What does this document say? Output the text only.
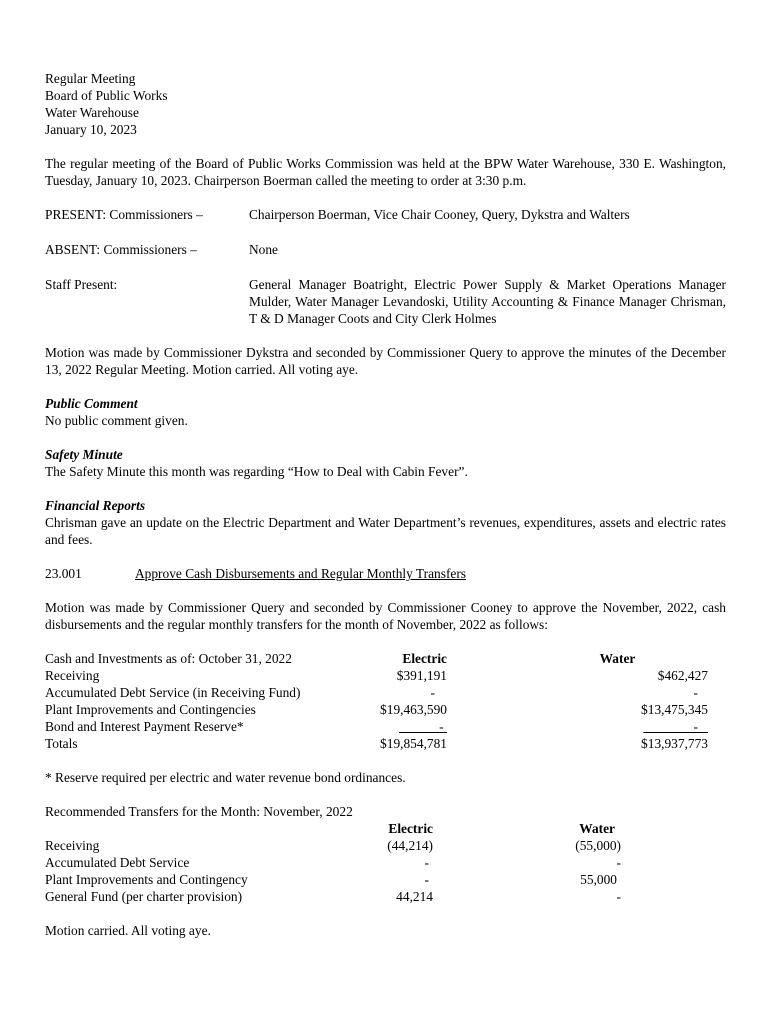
Regular Meeting

Board of Public Works

Water Warehouse

January 10, 2023

The regular meeting of the Board of Public Works Commission was held at the BPW Water Warehouse, 330 E. Washington, Tuesday, January 10, 2023. Chairperson Boerman called the meeting to order at 3:30 p.m.

PRESENT: Commissioners –	Chairperson Boerman, Vice Chair Cooney, Query, Dykstra and Walters
ABSENT: Commissioners –	None
Staff Present:	General Manager Boatright, Electric Power Supply & Market Operations Manager Mulder, Water Manager Levandoski, Utility Accounting & Finance Manager Chrisman, T & D Manager Coots and City Clerk Holmes

Motion was made by Commissioner Dykstra and seconded by Commissioner Query to approve the minutes of the December 13, 2022 Regular Meeting. Motion carried. All voting aye.

Public Comment

No public comment given.

Safety Minute

The Safety Minute this month was regarding “How to Deal with Cabin Fever”.

Financial Reports

Chrisman gave an update on the Electric Department and Water Department’s revenues, expenditures, assets and electric rates and fees.

23.001	Approve Cash Disbursements and Regular Monthly Transfers

Motion was made by Commissioner Query and seconded by Commissioner Cooney to approve the November, 2022, cash disbursements and the regular monthly transfers for the month of November, 2022 as follows:

Cash and Investments as of: October 31, 2022	Electric	Water
Receiving	$391,191	$462,427
Accumulated Debt Service (in Receiving Fund)	-	-
Plant Improvements and Contingencies	$19,463,590	$13,475,345
Bond and Interest Payment Reserve*	-	-
Totals	$19,854,781	$13,937,773

* Reserve required per electric and water revenue bond ordinances.

Recommended Transfers for the Month: November, 2022

	Electric	Water
Receiving	(44,214)	(55,000)
Accumulated Debt Service	-	-
Plant Improvements and Contingency	-	55,000
General Fund (per charter provision)	44,214	-

Motion carried. All voting aye.
